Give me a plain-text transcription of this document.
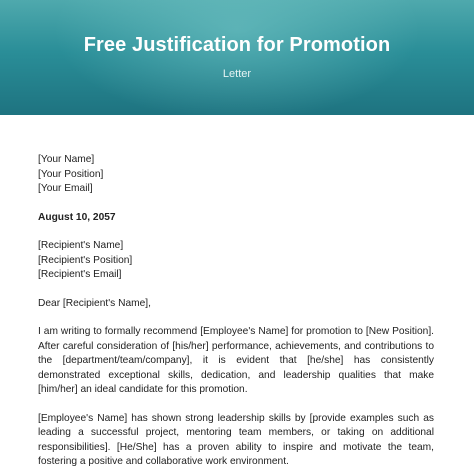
Free Justification for Promotion
Letter
[Your Name]
[Your Position]
[Your Email]
August 10, 2057
[Recipient's Name]
[Recipient's Position]
[Recipient's Email]
Dear [Recipient's Name],
I am writing to formally recommend [Employee's Name] for promotion to [New Position]. After careful consideration of [his/her] performance, achievements, and contributions to the [department/team/company], it is evident that [he/she] has consistently demonstrated exceptional skills, dedication, and leadership qualities that make [him/her] an ideal candidate for this promotion.
[Employee's Name] has shown strong leadership skills by [provide examples such as leading a successful project, mentoring team members, or taking on additional responsibilities]. [He/She] has a proven ability to inspire and motivate the team, fostering a positive and collaborative work environment.
